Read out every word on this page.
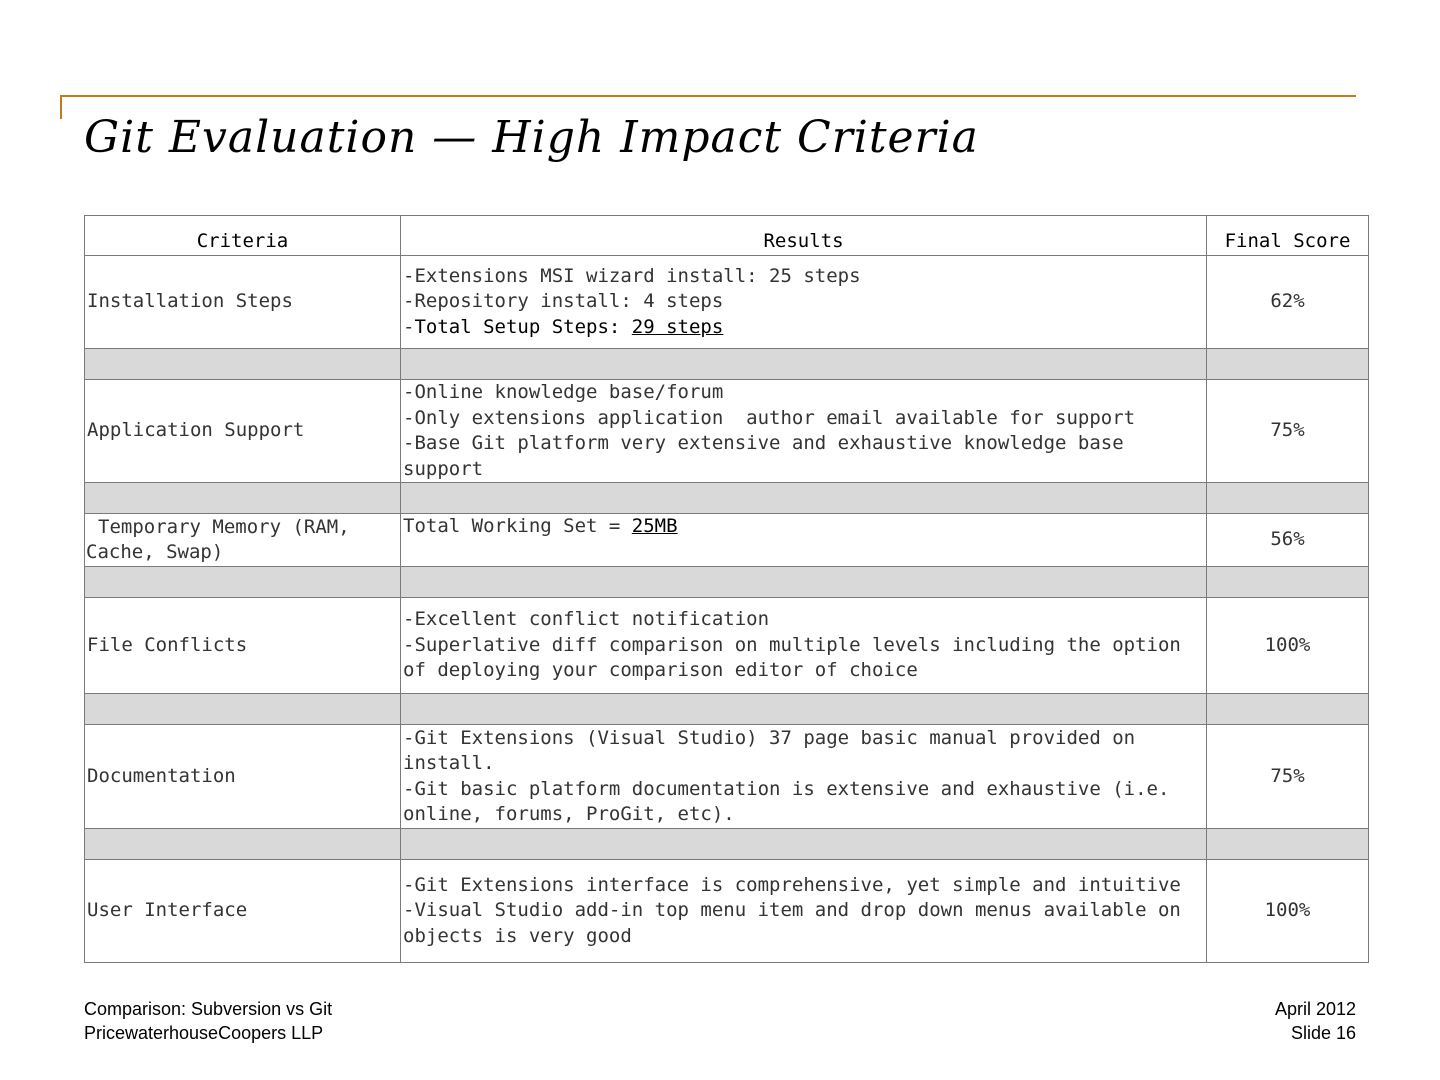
Git Evaluation — High Impact Criteria
Criteria	Results	Final Score
Installation Steps	-Extensions MSI wizard install: 25 steps
-Repository install: 4 steps
-Total Setup Steps: 29 steps	62%

Application Support	-Online knowledge base/forum
-Only extensions application  author email available for support
-Base Git platform very extensive and exhaustive knowledge base support	75%

Temporary Memory (RAM, Cache, Swap)	Total Working Set = 25MB	56%

File Conflicts	-Excellent conflict notification
-Superlative diff comparison on multiple levels including the option of deploying your comparison editor of choice	100%

Documentation	-Git Extensions (Visual Studio) 37 page basic manual provided on install.
-Git basic platform documentation is extensive and exhaustive (i.e. online, forums, ProGit, etc).	75%

User Interface	-Git Extensions interface is comprehensive, yet simple and intuitive
-Visual Studio add-in top menu item and drop down menus available on objects is very good	100%
Comparison: Subversion vs Git
PricewaterhouseCoopers LLP
April 2012
Slide 16
